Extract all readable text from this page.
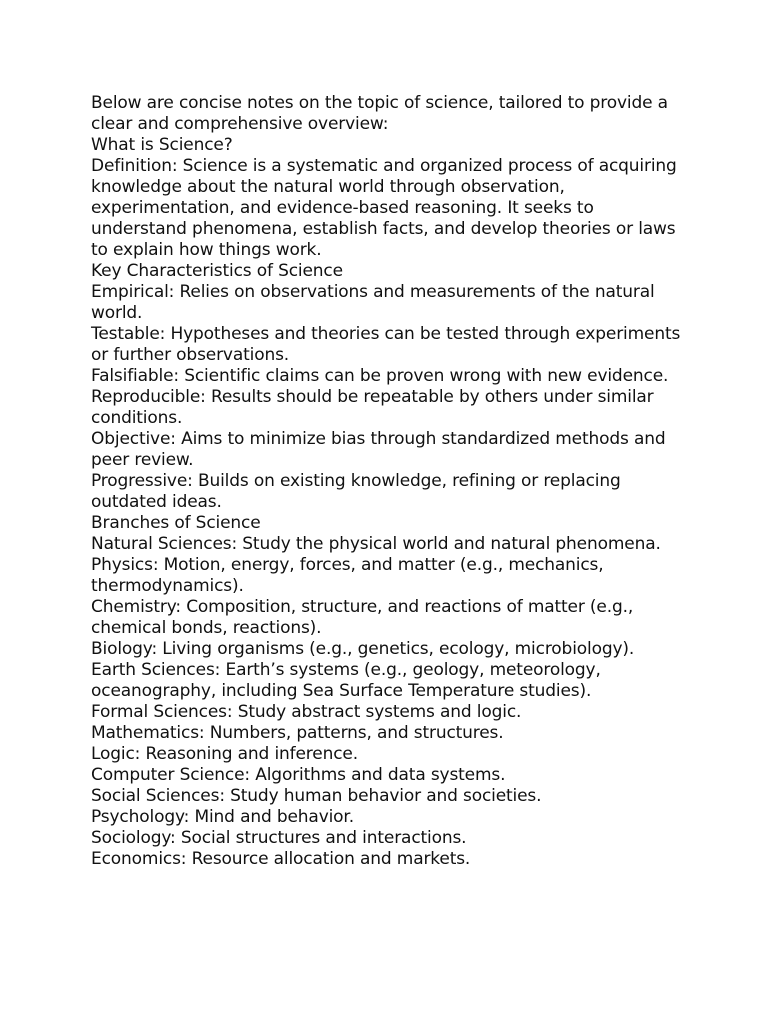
Below are concise notes on the topic of science, tailored to provide a clear and comprehensive overview:

What is Science?

Definition: Science is a systematic and organized process of acquiring knowledge about the natural world through observation, experimentation, and evidence-based reasoning. It seeks to understand phenomena, establish facts, and develop theories or laws to explain how things work.

Key Characteristics of Science

Empirical: Relies on observations and measurements of the natural world.

Testable: Hypotheses and theories can be tested through experiments or further observations.

Falsifiable: Scientific claims can be proven wrong with new evidence.

Reproducible: Results should be repeatable by others under similar conditions.

Objective: Aims to minimize bias through standardized methods and peer review.

Progressive: Builds on existing knowledge, refining or replacing outdated ideas.

Branches of Science

Natural Sciences: Study the physical world and natural phenomena.

Physics: Motion, energy, forces, and matter (e.g., mechanics, thermodynamics).

Chemistry: Composition, structure, and reactions of matter (e.g., chemical bonds, reactions).

Biology: Living organisms (e.g., genetics, ecology, microbiology).

Earth Sciences: Earth’s systems (e.g., geology, meteorology, oceanography, including Sea Surface Temperature studies).

Formal Sciences: Study abstract systems and logic.

Mathematics: Numbers, patterns, and structures.

Logic: Reasoning and inference.

Computer Science: Algorithms and data systems.

Social Sciences: Study human behavior and societies.

Psychology: Mind and behavior.

Sociology: Social structures and interactions.

Economics: Resource allocation and markets.
